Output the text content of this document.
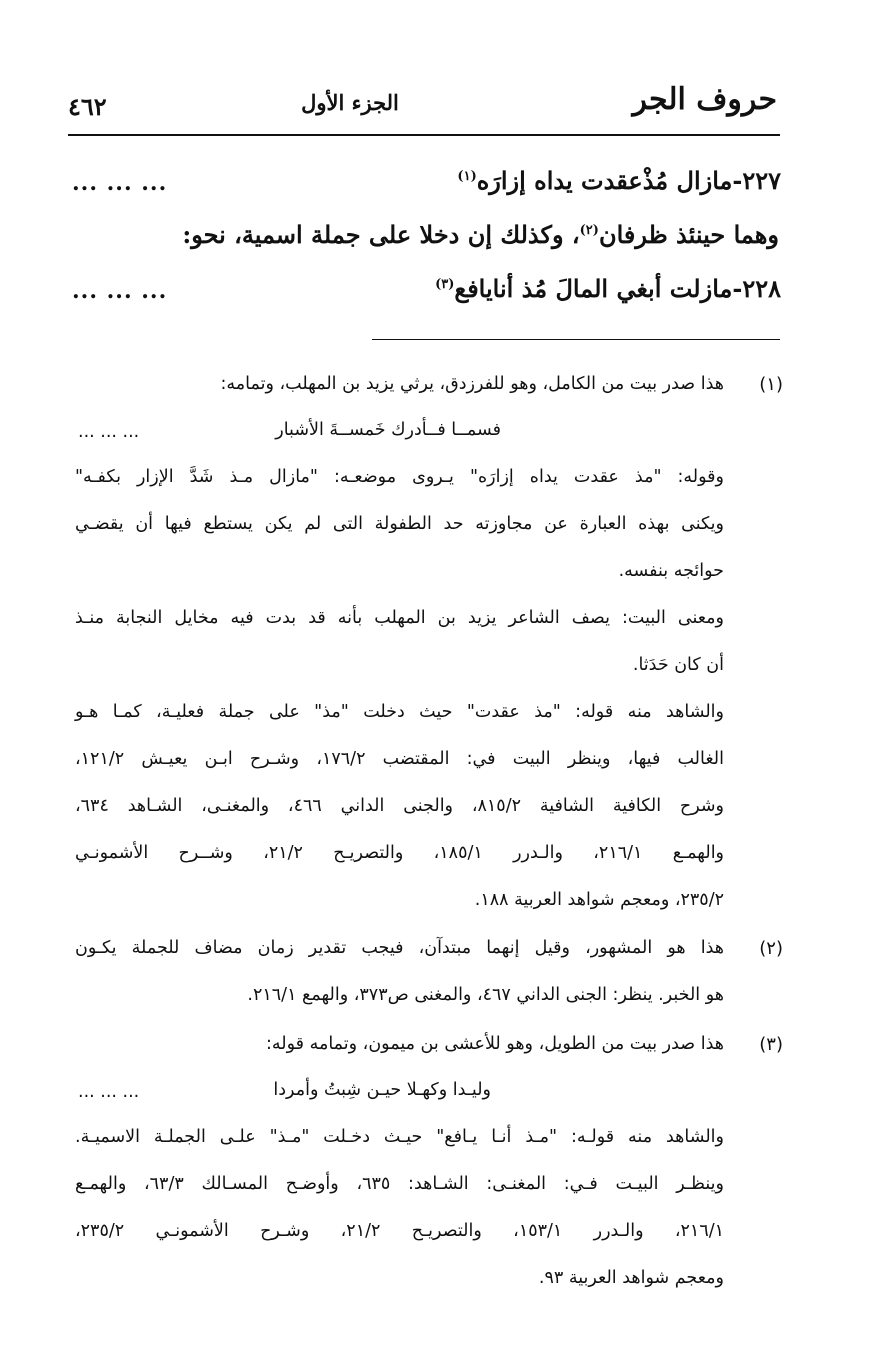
حروف الجر
الجزء الأول
٤٦٢
٢٢٧-مازال مُذْعقدت يداه إزارَه$^{(١)}$
... ... ...
وهما حينئذ ظرفان$^{(٢)}$، وكذلك إن دخلا على جملة اسمية، نحو:
٢٢٨-مازلت أبغي المالَ مُذ أنايافع$^{(٣)}$
... ... ...
(١)
هذا صدر بيت من الكامل، وهو للفرزدق، يرثي يزيد بن المهلب، وتمامه:
فسمــا فــأدرك خَمســةَ الأشبار
... ... ...
وقوله: "مذ عقدت يداه إزارَه" يـروى موضعـه: "مازال مـذ شَدَّ الإزار بكفـه"
ويكنى بهذه العبارة عن مجاوزته حد الطفولة التى لم يكن يستطع فيها أن يقضـي
حوائجه بنفسه.
ومعنى البيت: يصف الشاعر يزيد بن المهلب بأنه قد بدت فيه مخايل النجابة منـذ
أن كان حَدَثا.
والشاهد منه قوله: "مذ عقدت" حيث دخلت "مذ" على جملة فعليـة، كمـا هـو
الغالب فيها، وينظر البيت في: المقتضب ١٧٦/٢، وشـرح ابـن يعيـش ١٢١/٢،
وشرح الكافية الشافية ٨١٥/٢، والجنى الداني ٤٦٦، والمغنـى، الشـاهد ٦٣٤،
والهمـع ٢١٦/١، والـدرر ١٨٥/١، والتصريـح ٢١/٢، وشــرح الأشمونـي
٢٣٥/٢، ومعجم شواهد العربية ١٨٨.
(٢)
هذا هو المشهور، وقيل إنهما مبتدآن، فيجب تقدير زمان مضاف للجملة يكـون
هو الخبر. ينظر: الجنى الداني ٤٦٧، والمغنى ص٣٧٣، والهمع ٢١٦/١.
(٣)
هذا صدر بيت من الطويل، وهو للأعشى بن ميمون، وتمامه قوله:
وليـدا وكهـلا حيـن شِبتُ وأمردا
... ... ...
والشاهد منه قولـه: "مـذ أنـا يـافع" حيـث دخـلت "مـذ" علـى الجملـة الاسميـة.
وينظـر البيـت فـي: المغنـى: الشـاهد: ٦٣٥، وأوضـح المسـالك ٦٣/٣، والهمـع
٢١٦/١، والـدرر ١٥٣/١، والتصريـح ٢١/٢، وشـرح الأشمونـي ٢٣٥/٢،
ومعجم شواهد العربية ٩٣.
